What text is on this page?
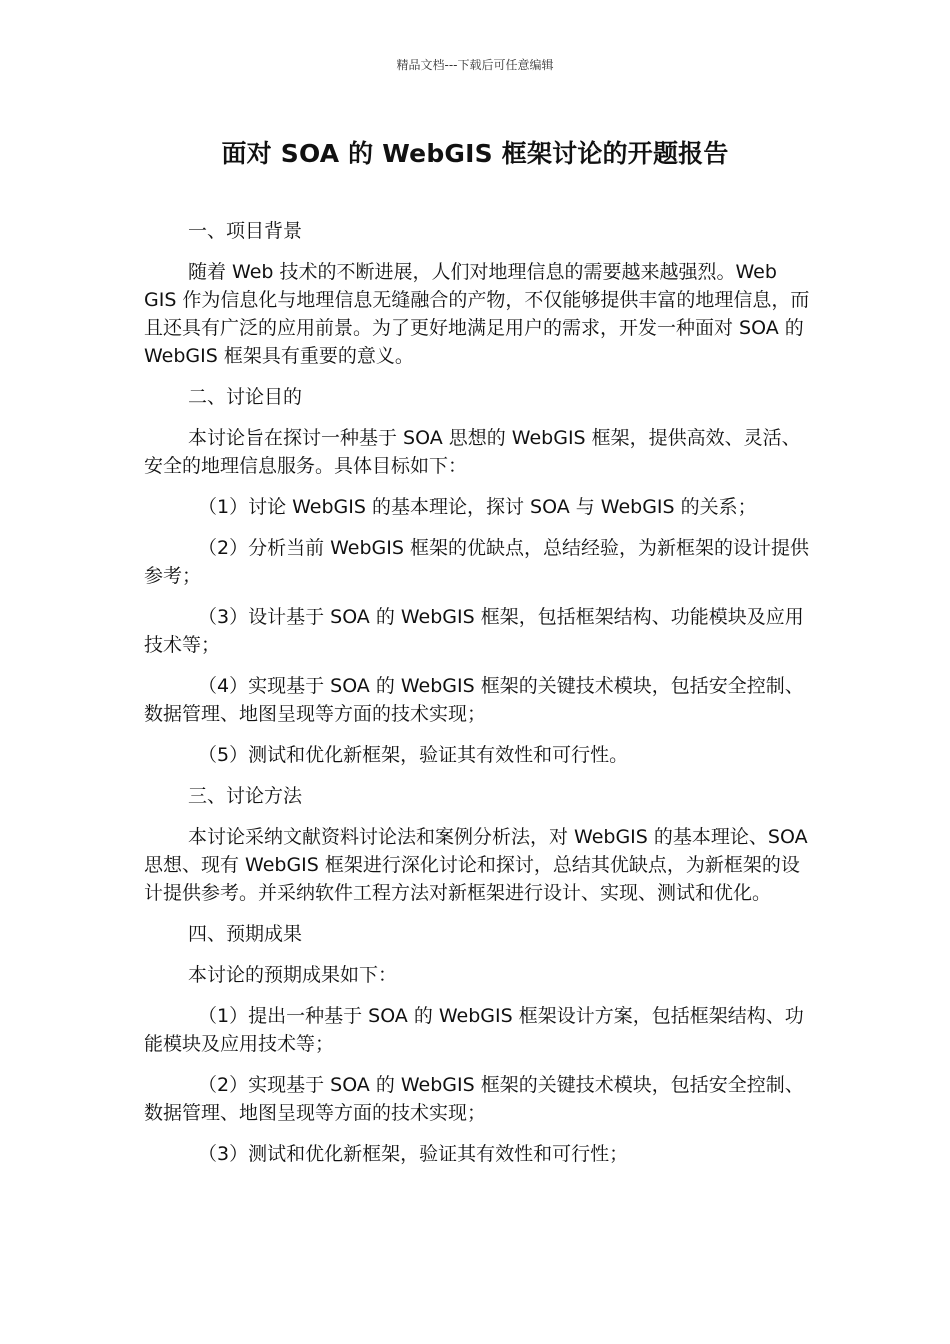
精品文档---下载后可任意编辑
面对 SOA 的 WebGIS 框架讨论的开题报告

一、项目背景

随着 Web 技术的不断进展，人们对地理信息的需要越来越强烈。Web GIS 作为信息化与地理信息无缝融合的产物，不仅能够提供丰富的地理信息，而且还具有广泛的应用前景。为了更好地满足用户的需求，开发一种面对 SOA 的 WebGIS 框架具有重要的意义。

二、讨论目的

本讨论旨在探讨一种基于 SOA 思想的 WebGIS 框架，提供高效、灵活、安全的地理信息服务。具体目标如下：

（1）讨论 WebGIS 的基本理论，探讨 SOA 与 WebGIS 的关系；

（2）分析当前 WebGIS 框架的优缺点，总结经验，为新框架的设计提供参考；

（3）设计基于 SOA 的 WebGIS 框架，包括框架结构、功能模块及应用技术等；

（4）实现基于 SOA 的 WebGIS 框架的关键技术模块，包括安全控制、数据管理、地图呈现等方面的技术实现；

（5）测试和优化新框架，验证其有效性和可行性。

三、讨论方法

本讨论采纳文献资料讨论法和案例分析法，对 WebGIS 的基本理论、SOA 思想、现有 WebGIS 框架进行深化讨论和探讨，总结其优缺点，为新框架的设计提供参考。并采纳软件工程方法对新框架进行设计、实现、测试和优化。

四、预期成果

本讨论的预期成果如下：

（1）提出一种基于 SOA 的 WebGIS 框架设计方案，包括框架结构、功能模块及应用技术等；

（2）实现基于 SOA 的 WebGIS 框架的关键技术模块，包括安全控制、数据管理、地图呈现等方面的技术实现；

（3）测试和优化新框架，验证其有效性和可行性；
